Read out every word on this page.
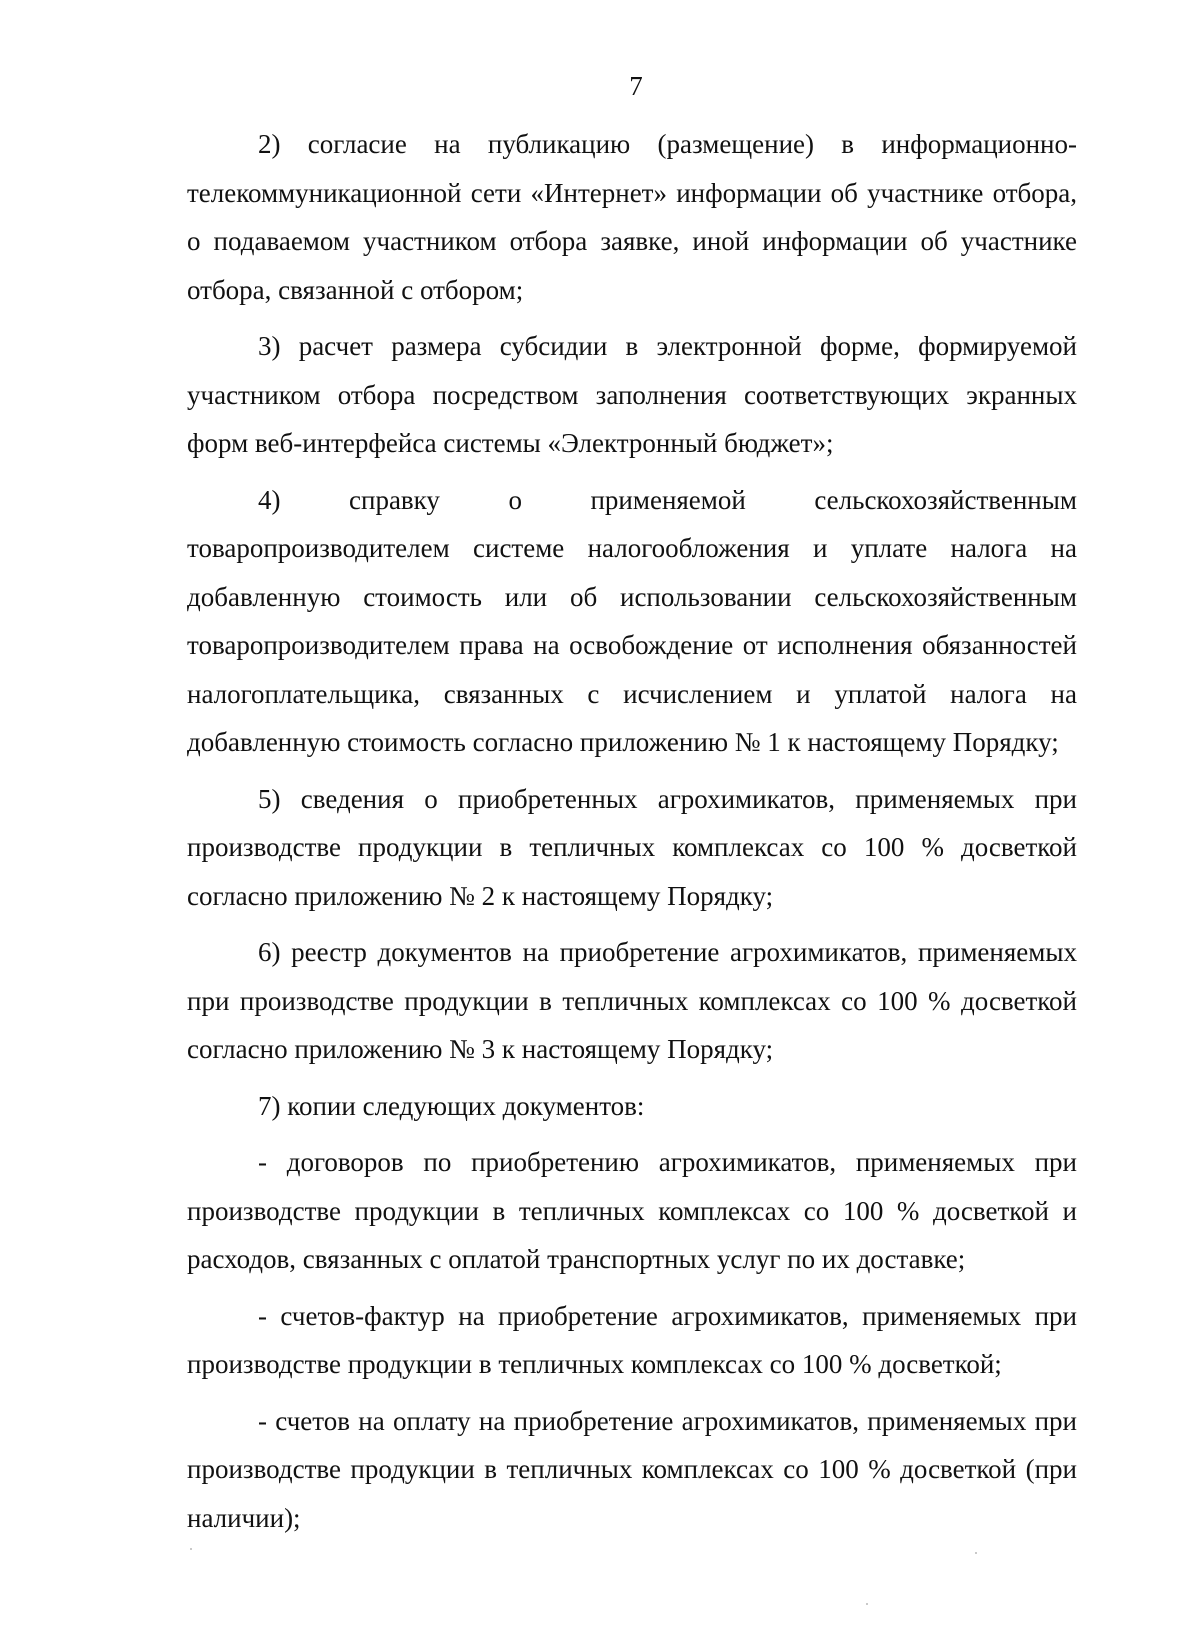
7

2) согласие на публикацию (размещение) в информационно-телекоммуникационной сети «Интернет» информации об участнике отбора, о подаваемом участником отбора заявке, иной информации об участнике отбора, связанной с отбором;

3) расчет размера субсидии в электронной форме, формируемой участником отбора посредством заполнения соответствующих экранных форм веб-интерфейса системы «Электронный бюджет»;

4) справку о применяемой сельскохозяйственным товаропроизводителем системе налогообложения и уплате налога на добавленную стоимость или об использовании сельскохозяйственным товаропроизводителем права на освобождение от исполнения обязанностей налогоплательщика, связанных с исчислением и уплатой налога на добавленную стоимость согласно приложению № 1 к настоящему Порядку;

5) сведения о приобретенных агрохимикатов, применяемых при производстве продукции в тепличных комплексах со 100 % досветкой согласно приложению № 2 к настоящему Порядку;

6) реестр документов на приобретение агрохимикатов, применяемых при производстве продукции в тепличных комплексах со 100 % досветкой согласно приложению № 3 к настоящему Порядку;

7) копии следующих документов:

- договоров по приобретению агрохимикатов, применяемых при производстве продукции в тепличных комплексах со 100 % досветкой и расходов, связанных с оплатой транспортных услуг по их доставке;

- счетов-фактур на приобретение агрохимикатов, применяемых при производстве продукции в тепличных комплексах со 100 % досветкой;

- счетов на оплату на приобретение агрохимикатов, применяемых при производстве продукции в тепличных комплексах со 100 % досветкой (при наличии);
